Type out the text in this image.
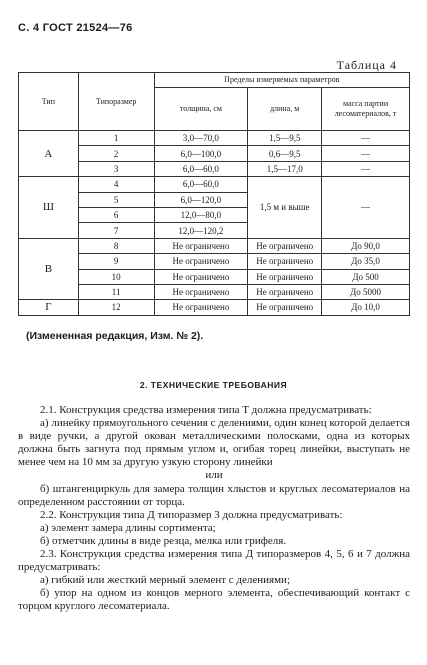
С. 4 ГОСТ 21524—76
Таблица 4
Тип	Типоразмер	Пределы измеряемых параметров		
		толщина, см	длина, м	масса партии лесоматериалов, т
А	1	3,0—70,0	1,5—9,5	—
	2	6,0—100,0	0,6—9,5	—
	3	6,0—60,0	1,5—17,0	—
Ш	4	6,0—60,0	1,5 м и выше	—
	5	6,0—120,0		
	6	12,0—80,0		
	7	12,0—120,2		
В	8	Не ограничено	Не ограничено	До 90,0
	9	Не ограничено	Не ограничено	До 35,0
	10	Не ограничено	Не ограничено	До 500
	11	Не ограничено	Не ограничено	До 5000
Г	12	Не ограничено	Не ограничено	До 10,0
(Измененная редакция, Изм. № 2).
2. ТЕХНИЧЕСКИЕ ТРЕБОВАНИЯ

2.1. Конструкция средства измерения типа Т должна предусматривать:

а) линейку прямоугольного сечения с делениями, один конец которой делается в виде ручки, а другой окован металлическими полосками, одна из которых должна быть загнута под прямым углом и, огибая торец линейки, выступать не менее чем на 10 мм за другую узкую сторону линейки

или

б) штангенциркуль для замера толщин хлыстов и круглых лесоматериалов на определенном расстоянии от торца.

2.2. Конструкция типа Д типоразмер 3 должна предусматривать:

а) элемент замера длины сортимента;

б) отметчик длины в виде резца, мелка или грифеля.

2.3. Конструкция средства измерения типа Д типоразмеров 4, 5, 6 и 7 должна предусматривать:

а) гибкий или жесткий мерный элемент с делениями;

б) упор на одном из концов мерного элемента, обеспечивающий контакт с торцом круглого лесоматериала.
